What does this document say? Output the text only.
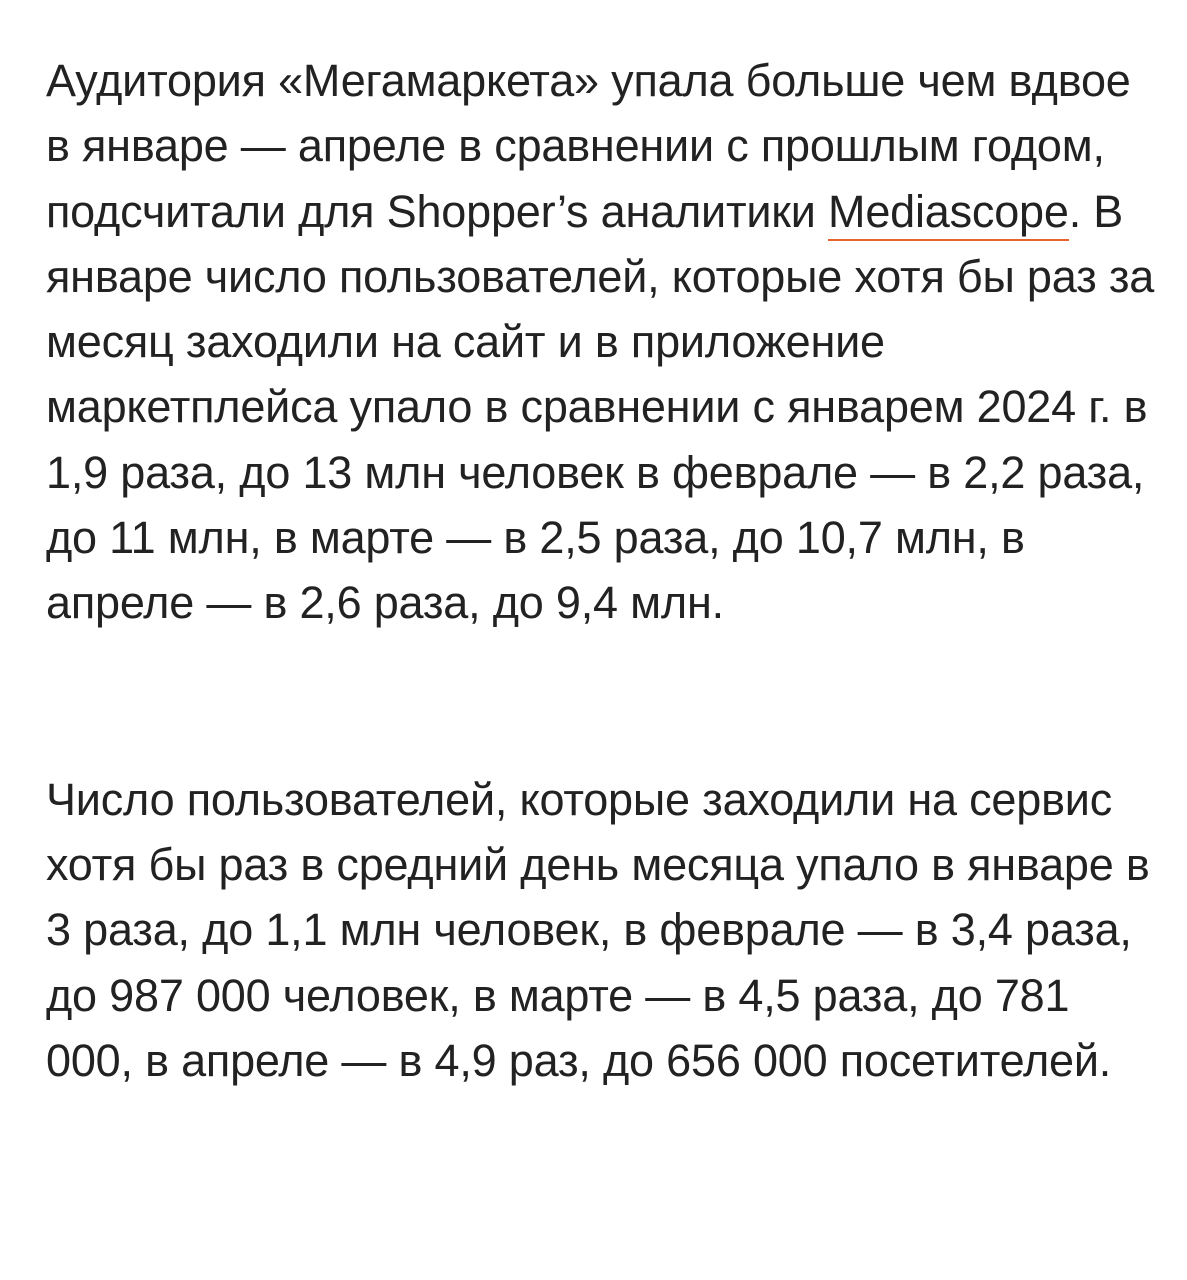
Аудитория «Мегамаркета» упала больше чем вдвое в январе — апреле в сравнении с прошлым годом, подсчитали для Shopper’s аналитики Mediascope. В январе число пользователей, которые хотя бы раз за месяц заходили на сайт и в приложение маркетплейса упало в сравнении с январем 2024 г. в 1,9 раза, до 13 млн человек в феврале — в 2,2 раза, до 11 млн, в марте — в 2,5 раза, до 10,7 млн, в апреле — в 2,6 раза, до 9,4 млн.

Число пользователей, которые заходили на сервис хотя бы раз в средний день месяца упало в январе в 3 раза, до 1,1 млн человек, в феврале — в 3,4 раза, до 987 000 человек, в марте — в 4,5 раза, до 781 000, в апреле — в 4,9 раз, до 656 000 посетителей.
